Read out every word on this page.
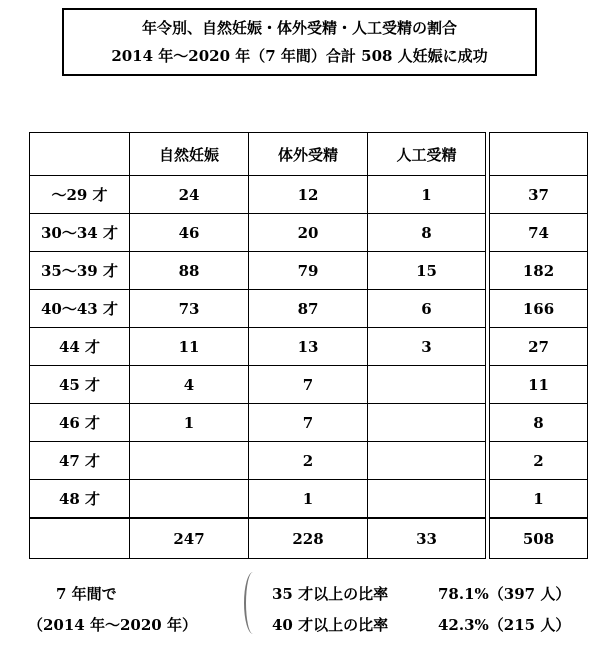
年令別、自然妊娠・体外受精・人工受精の割合
2014 年～2020 年（7 年間）合計 508 人妊娠に成功
	自然妊娠	体外受精	人工受精		
～29 才	24	12	1		37
30～34 才	46	20	8		74
35～39 才	88	79	15		182
40～43 才	73	87	6		166
44 才	11	13	3		27
45 才	4	7			11
46 才	1	7			8
47 才		2			2
48 才		1			1
	247	228	33		508
7 年間で
（2014 年～2020 年）
35 才以上の比率	78.1%（397 人）
40 才以上の比率	42.3%（215 人）
